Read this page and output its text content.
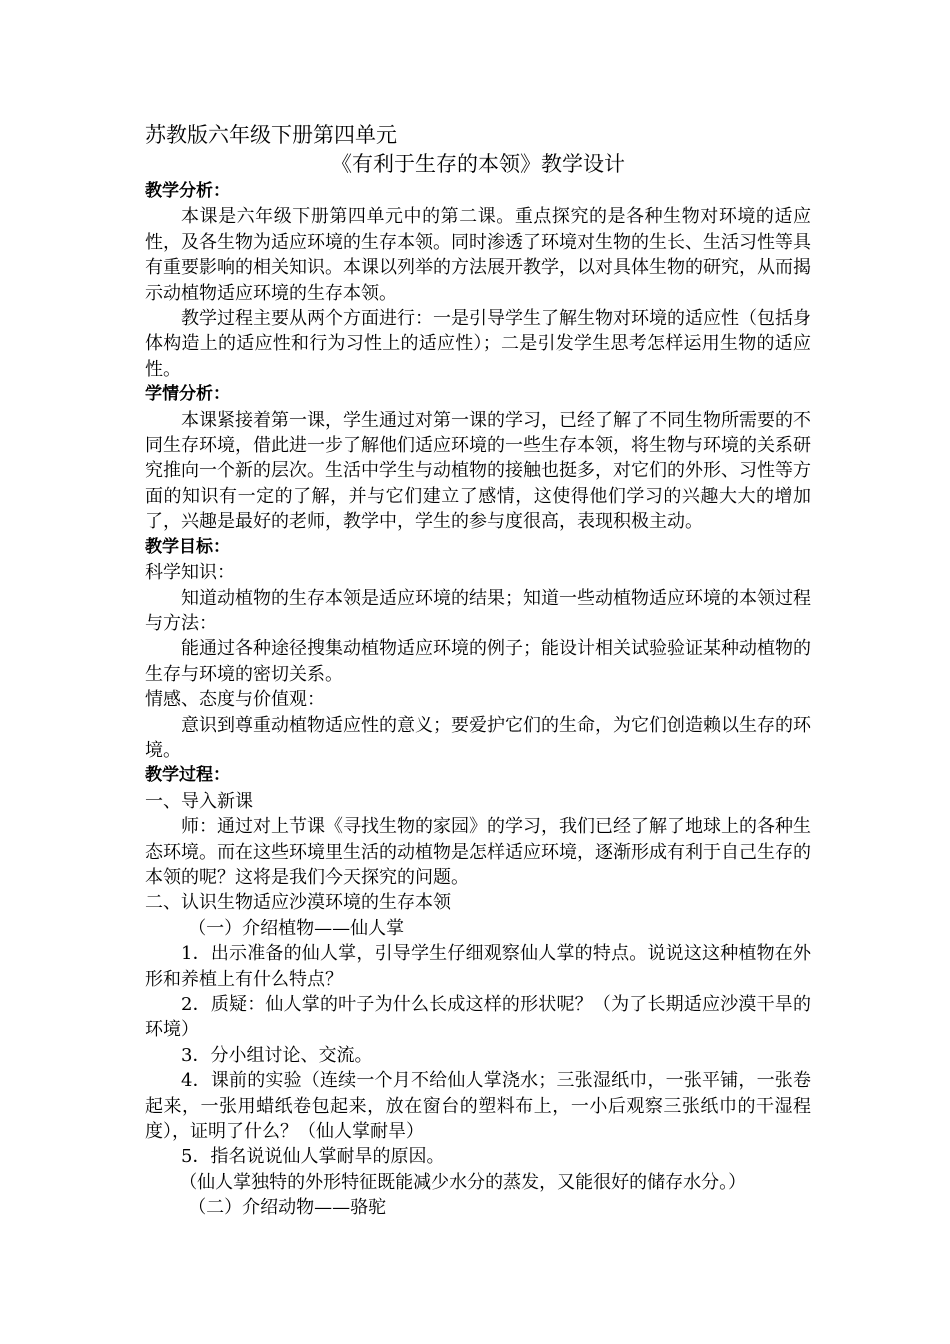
苏教版六年级下册第四单元
《有利于生存的本领》教学设计
教学分析：

本课是六年级下册第四单元中的第二课。重点探究的是各种生物对环境的适应性，及各生物为适应环境的生存本领。同时渗透了环境对生物的生长、生活习性等具有重要影响的相关知识。本课以列举的方法展开教学，以对具体生物的研究，从而揭示动植物适应环境的生存本领。

教学过程主要从两个方面进行：一是引导学生了解生物对环境的适应性（包括身体构造上的适应性和行为习性上的适应性）；二是引发学生思考怎样运用生物的适应性。

学情分析：

本课紧接着第一课，学生通过对第一课的学习，已经了解了不同生物所需要的不同生存环境，借此进一步了解他们适应环境的一些生存本领，将生物与环境的关系研究推向一个新的层次。生活中学生与动植物的接触也挺多，对它们的外形、习性等方面的知识有一定的了解，并与它们建立了感情，这使得他们学习的兴趣大大的增加了，兴趣是最好的老师，教学中，学生的参与度很高，表现积极主动。

教学目标：

科学知识：

知道动植物的生存本领是适应环境的结果；知道一些动植物适应环境的本领过程与方法：

能通过各种途径搜集动植物适应环境的例子；能设计相关试验验证某种动植物的生存与环境的密切关系。

情感、态度与价值观：

意识到尊重动植物适应性的意义；要爱护它们的生命，为它们创造赖以生存的环境。

教学过程：

一、导入新课

师：通过对上节课《寻找生物的家园》的学习，我们已经了解了地球上的各种生态环境。而在这些环境里生活的动植物是怎样适应环境，逐渐形成有利于自己生存的本领的呢？这将是我们今天探究的问题。

二、认识生物适应沙漠环境的生存本领

（一）介绍植物——仙人掌

1．出示准备的仙人掌，引导学生仔细观察仙人掌的特点。说说这这种植物在外形和养植上有什么特点？

2．质疑：仙人掌的叶子为什么长成这样的形状呢？（为了长期适应沙漠干旱的环境）

3．分小组讨论、交流。

4．课前的实验（连续一个月不给仙人掌浇水；三张湿纸巾，一张平铺，一张卷起来，一张用蜡纸卷包起来，放在窗台的塑料布上，一小后观察三张纸巾的干湿程度），证明了什么？（仙人掌耐旱）

5．指名说说仙人掌耐旱的原因。

（仙人掌独特的外形特征既能减少水分的蒸发，又能很好的储存水分。）

（二）介绍动物——骆驼
